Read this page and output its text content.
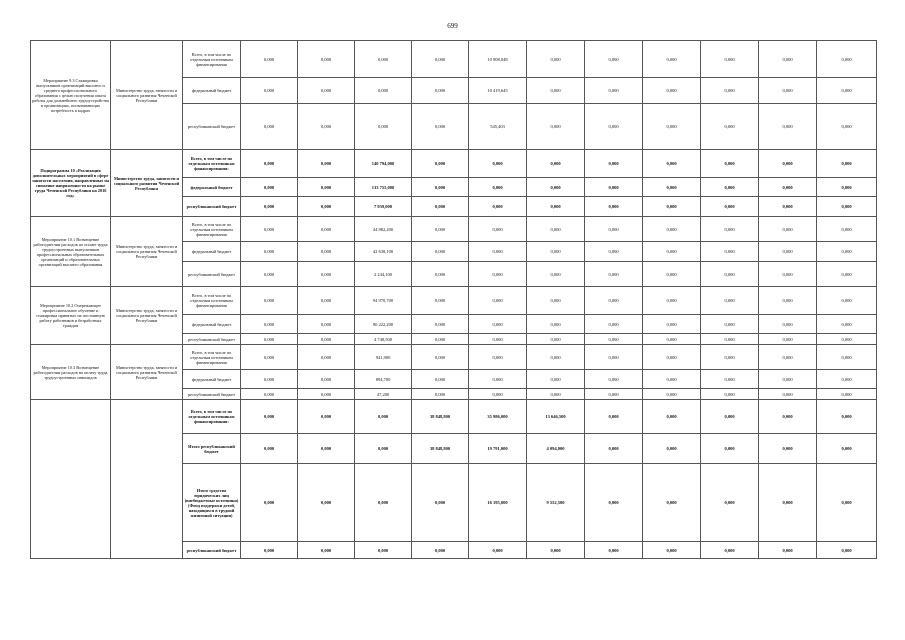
699
Мероприятие 9.3 Стажировка выпускников организаций высшего и среднего профессионального образования с целью получения опыта работы для дальнейшего трудоустройства в организациях, испытывающих потребность в кадрах	Министерство труда, занятости и социального развития Чеченской Республики	Всего, в том числе по отдельным источникам финансирования	0,000	0,000	0,000	0,000	10 908,048	0,000	0,000	0,000	0,000	0,000	0,000
		федеральный бюджет	0,000	0,000	0,000	0,000	10 419,645	0,000	0,000	0,000	0,000	0,000	0,000
		республиканский бюджет	0,000	0,000	0,000	0,000	545,403	0,000	0,000	0,000	0,000	0,000	0,000
Подпрограмма 10 «Реализация дополнительных мероприятий в сфере занятости населения, направленных на снижение напряженности на рынке труда Чеченской Республики на 2016 год»	Министерство труда, занятости и социального развития Чеченской Республики	Всего, в том числе по отдельным источникам финансирования:	0,000	0,000	140 794,000	0,000	0,000	0,000	0,000	0,000	0,000	0,000	0,000
		федеральный бюджет	0,000	0,000	133 755,000	0,000	0,000	0,000	0,000	0,000	0,000	0,000	0,000
		республиканский бюджет	0,000	0,000	7 039,000	0,000	0,000	0,000	0,000	0,000	0,000	0,000	0,000
Мероприятие 10.1 Возмещение работодателям расходов по оплате труда трудоустроенных выпускников профессиональных образовательных организаций и образовательных организаций высшего образования	Министерство труда, занятости и социального развития Чеченской Республики	Всего, в том числе по отдельным источникам финансирования	0,000	0,000	44 882,200	0,000	0,000	0,000	0,000	0,000	0,000	0,000	0,000
		федеральный бюджет	0,000	0,000	42 638,100	0,000	0,000	0,000	0,000	0,000	0,000	0,000	0,000
		республиканский бюджет	0,000	0,000	2 244,100	0,000	0,000	0,000	0,000	0,000	0,000	0,000	0,000
Мероприятие 10.2 Опережающее профессиональное обучение и стажировка принятых на постоянную работу работников и безработных граждан	Министерство труда, занятости и социального развития Чеченской Республики	Всего, в том числе по отдельным источникам финансирования	0,000	0,000	94 970,700	0,000	0,000	0,000	0,000	0,000	0,000	0,000	0,000
		федеральный бюджет	0,000	0,000	90 222,200	0,000	0,000	0,000	0,000	0,000	0,000	0,000	0,000
		республиканский бюджет	0,000	0,000	4 748,500	0,000	0,000	0,000	0,000	0,000	0,000	0,000	0,000
Мероприятие 10.3 Возмещение работодателям расходов на оплату труда трудоустроенных инвалидов	Министерство труда, занятости и социального развития Чеченской Республики	Всего, в том числе по отдельным источникам финансирования	0,000	0,000	941,900	0,000	0,000	0,000	0,000	0,000	0,000	0,000	0,000
		федеральный бюджет	0,000	0,000	894,700	0,000	0,000	0,000	0,000	0,000	0,000	0,000	0,000
		республиканский бюджет	0,000	0,000	47,200	0,000	0,000	0,000	0,000	0,000	0,000	0,000	0,000
		Всего, в том числе по отдельным источникам финансирования:	0,000	0,000	0,000	38 848,800	35 986,000	13 646,500	0,000	0,000	0,000	0,000	0,000
		Итого республиканский бюджет	0,000	0,000	0,000	38 848,800	19 791,000	4 094,000	0,000	0,000	0,000	0,000	0,000
		Итого средства юридических лиц (внебюджетные источники) (Фонд поддержки детей, находящихся в трудной жизненной ситуации)	0,000	0,000	0,000	0,000	16 195,000	9 552,500	0,000	0,000	0,000	0,000	0,000
		республиканский бюджет	0,000	0,000	0,000	0,000	0,000	0,000	0,000	0,000	0,000	0,000	0,000
